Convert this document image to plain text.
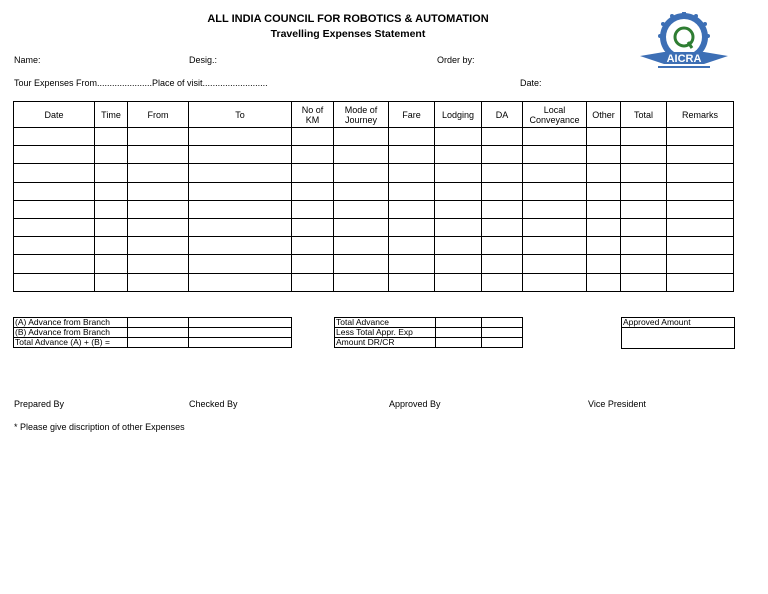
ALL INDIA COUNCIL FOR ROBOTICS & AUTOMATION
Travelling Expenses Statement
AICRA
Name:	Desig.:	Order by:
Tour Expenses From......................Place of visit..........................	Date:
Date	Time	From	To	No of KM	Mode of Journey	Fare	Lodging	DA	Local Conveyance	Other	Total	Remarks

(A) Advance from Branch		
(B) Advance from Branch		
Total Advance (A) + (B) =		
Total Advance		
Less Total Appr. Exp		
Amount DR/CR		
Approved Amount

Prepared By	Checked By	Approved By	Vice President
* Please give discription of other Expenses
